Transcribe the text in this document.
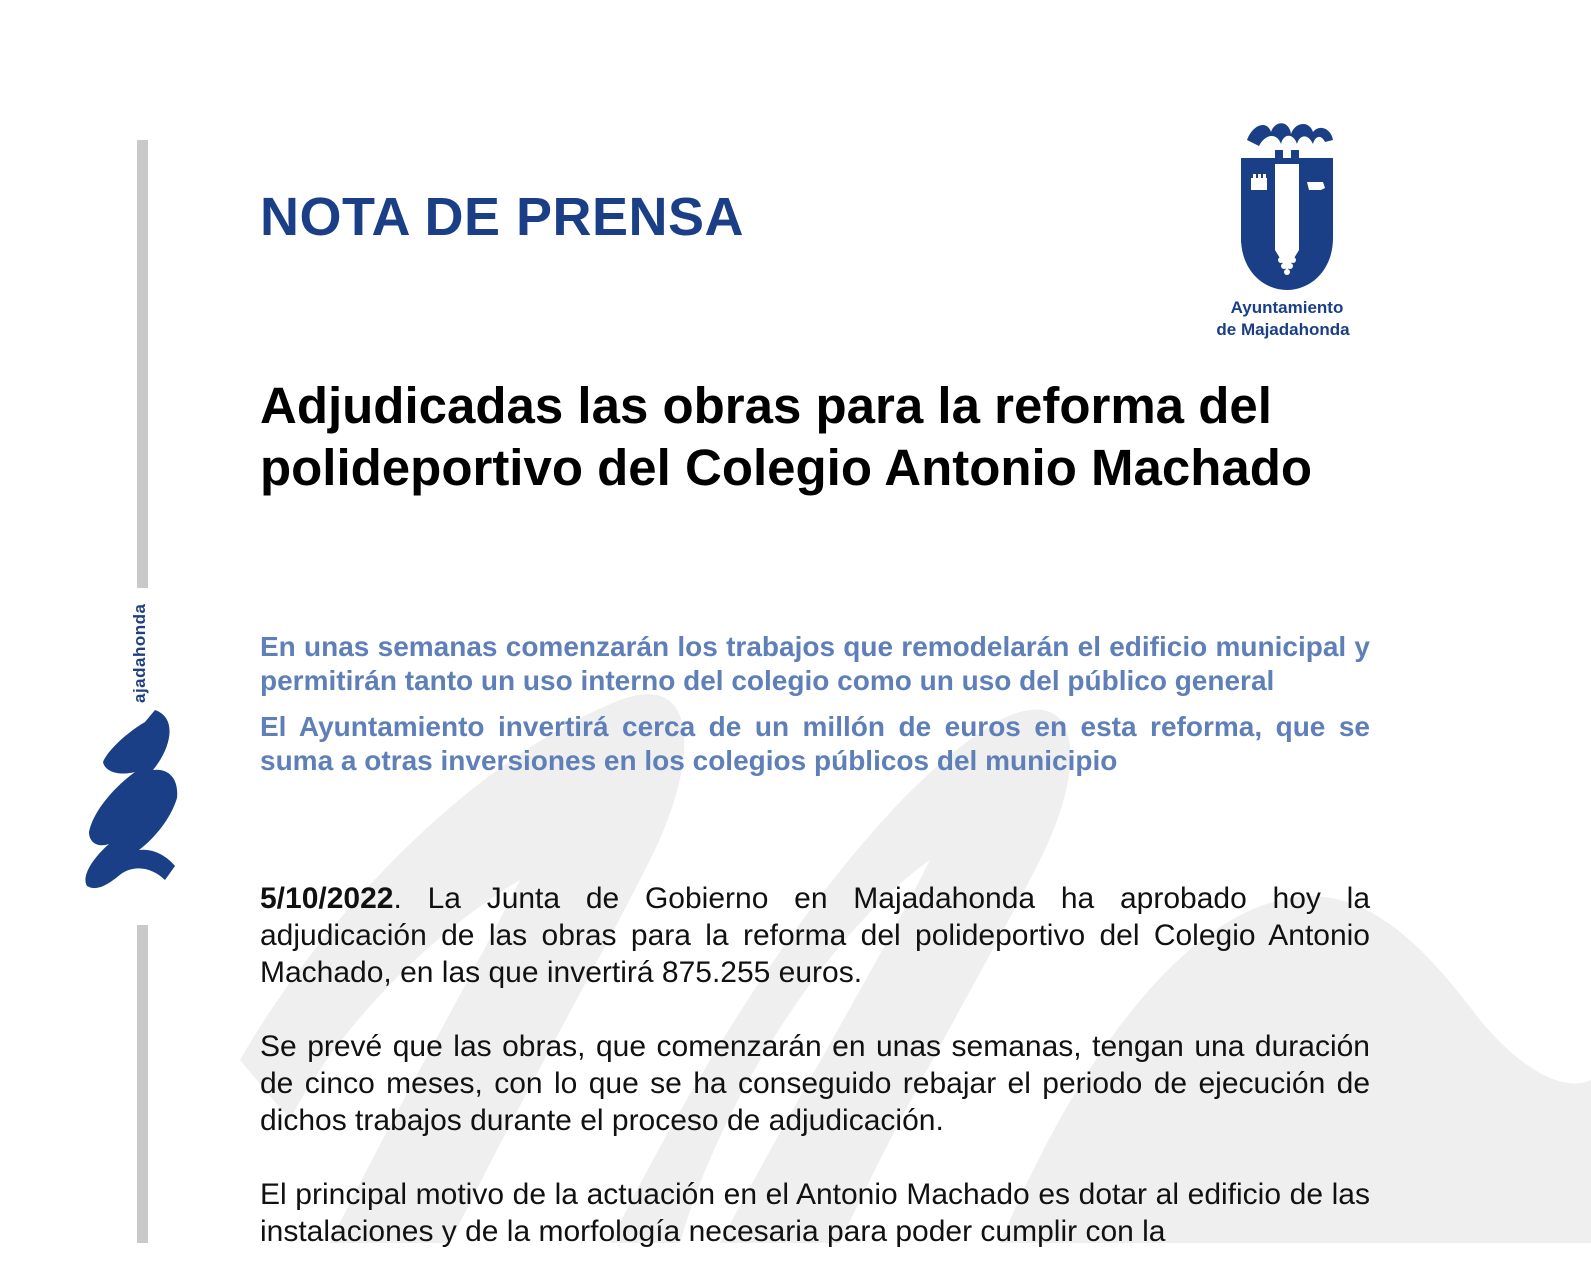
ajadahonda
NOTA DE PRENSA
Ayuntamiento
de Majadahonda
Adjudicadas las obras para la reforma del polideportivo del Colegio Antonio Machado

En unas semanas comenzarán los trabajos que remodelarán el edificio municipal y permitirán tanto un uso interno del colegio como un uso del público general

El Ayuntamiento invertirá cerca de un millón de euros en esta reforma, que se suma a otras inversiones en los colegios públicos del municipio

5/10/2022. La Junta de Gobierno en Majadahonda ha aprobado hoy la adjudicación de las obras para la reforma del polideportivo del Colegio Antonio Machado, en las que invertirá 875.255 euros.

Se prevé que las obras, que comenzarán en unas semanas, tengan una duración de cinco meses, con lo que se ha conseguido rebajar el periodo de ejecución de dichos trabajos durante el proceso de adjudicación.

El principal motivo de la actuación en el Antonio Machado es dotar al edificio de las instalaciones y de la morfología necesaria para poder cumplir con la
